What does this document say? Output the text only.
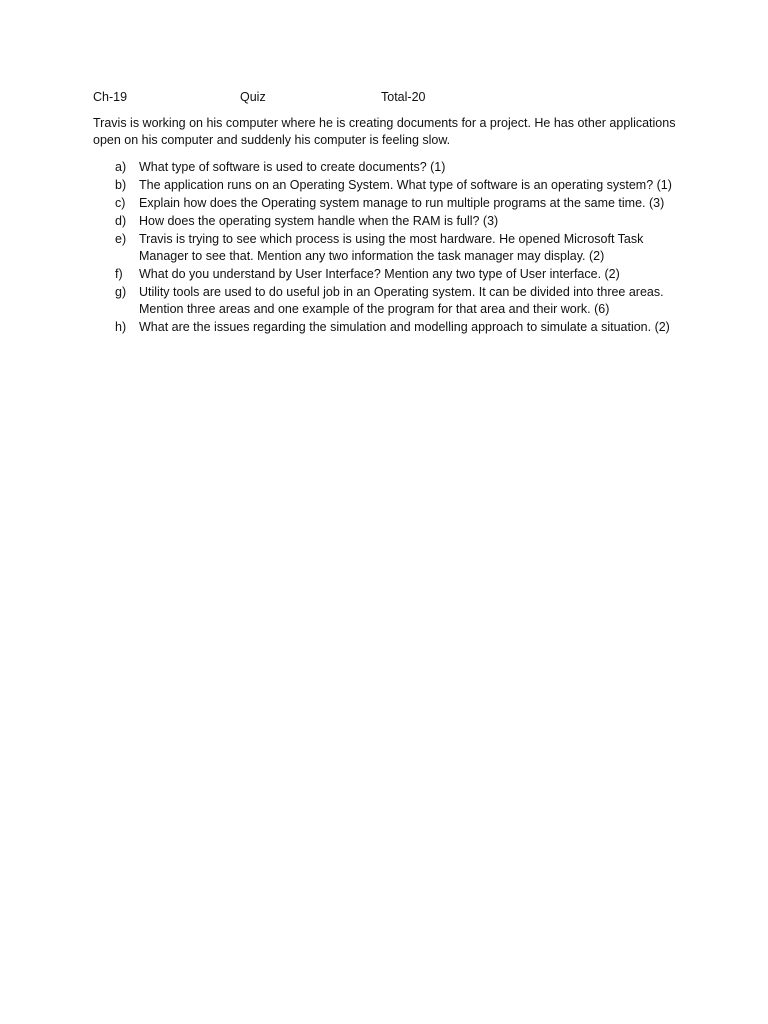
Ch-19	Quiz	Total-20

Travis is working on his computer where he is creating documents for a project. He has other applications open on his computer and suddenly his computer is feeling slow.

a) What type of software is used to create documents? (1)
b) The application runs on an Operating System. What type of software is an operating system? (1)
c) Explain how does the Operating system manage to run multiple programs at the same time. (3)
d) How does the operating system handle when the RAM is full? (3)
e) Travis is trying to see which process is using the most hardware. He opened Microsoft Task Manager to see that. Mention any two information the task manager may display. (2)
f) What do you understand by User Interface? Mention any two type of User interface. (2)
g) Utility tools are used to do useful job in an Operating system. It can be divided into three areas. Mention three areas and one example of the program for that area and their work. (6)
h) What are the issues regarding the simulation and modelling approach to simulate a situation. (2)
